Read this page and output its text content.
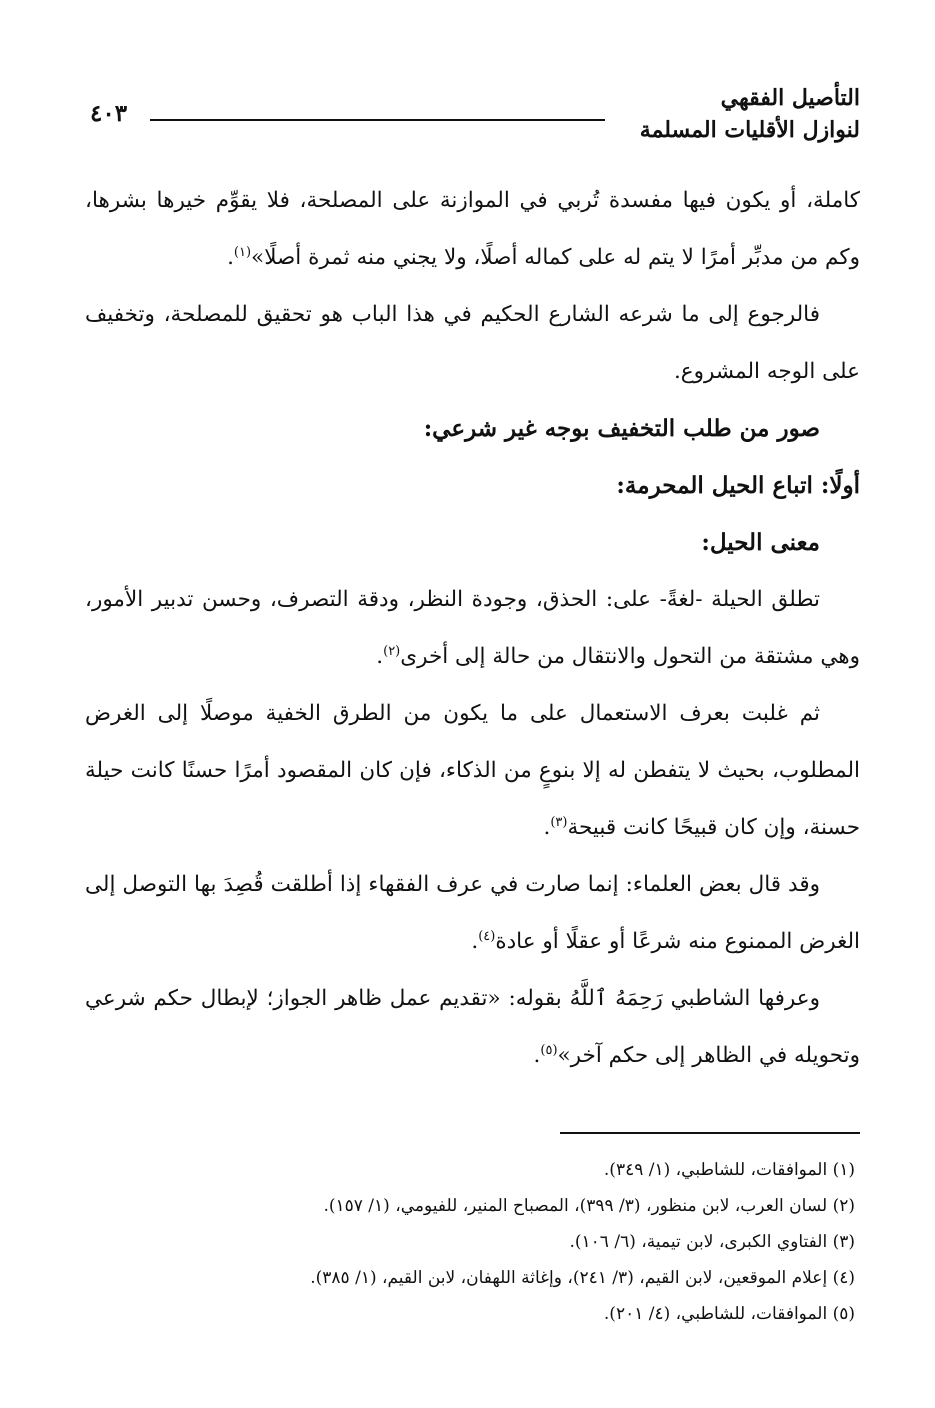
التأصيل الفقهي
لنوازل الأقليات المسلمة
٤٠٣

كاملة، أو يكون فيها مفسدة تُربي في الموازنة على المصلحة، فلا يقوِّم خيرها بشرها، وكم من مدبِّر أمرًا لا يتم له على كماله أصلًا، ولا يجني منه ثمرة أصلًا»$^{(١)}$.

فالرجوع إلى ما شرعه الشارع الحكيم في هذا الباب هو تحقيق للمصلحة، وتخفيف على الوجه المشروع.

صور من طلب التخفيف بوجه غير شرعي:

أولًا: اتباع الحيل المحرمة:

معنى الحيل:

تطلق الحيلة -لغةً- على: الحذق، وجودة النظر، ودقة التصرف، وحسن تدبير الأمور، وهي مشتقة من التحول والانتقال من حالة إلى أخرى$^{(٢)}$.

ثم غلبت بعرف الاستعمال على ما يكون من الطرق الخفية موصلًا إلى الغرض المطلوب، بحيث لا يتفطن له إلا بنوعٍ من الذكاء، فإن كان المقصود أمرًا حسنًا كانت حيلة حسنة، وإن كان قبيحًا كانت قبيحة$^{(٣)}$.

وقد قال بعض العلماء: إنما صارت في عرف الفقهاء إذا أطلقت قُصِدَ بها التوصل إلى الغرض الممنوع منه شرعًا أو عقلًا أو عادة$^{(٤)}$.

وعرفها الشاطبي رَحِمَهُ ٱللَّهُ بقوله: «تقديم عمل ظاهر الجواز؛ لإبطال حكم شرعي وتحويله في الظاهر إلى حكم آخر»$^{(٥)}$.

(١) الموافقات، للشاطبي، (١/ ٣٤٩).

(٢) لسان العرب، لابن منظور، (٣/ ٣٩٩)، المصباح المنير، للفيومي، (١/ ١٥٧).

(٣) الفتاوي الكبرى، لابن تيمية، (٦/ ١٠٦).

(٤) إعلام الموقعين، لابن القيم، (٣/ ٢٤١)، وإغاثة اللهفان، لابن القيم، (١/ ٣٨٥).

(٥) الموافقات، للشاطبي، (٤/ ٢٠١).
